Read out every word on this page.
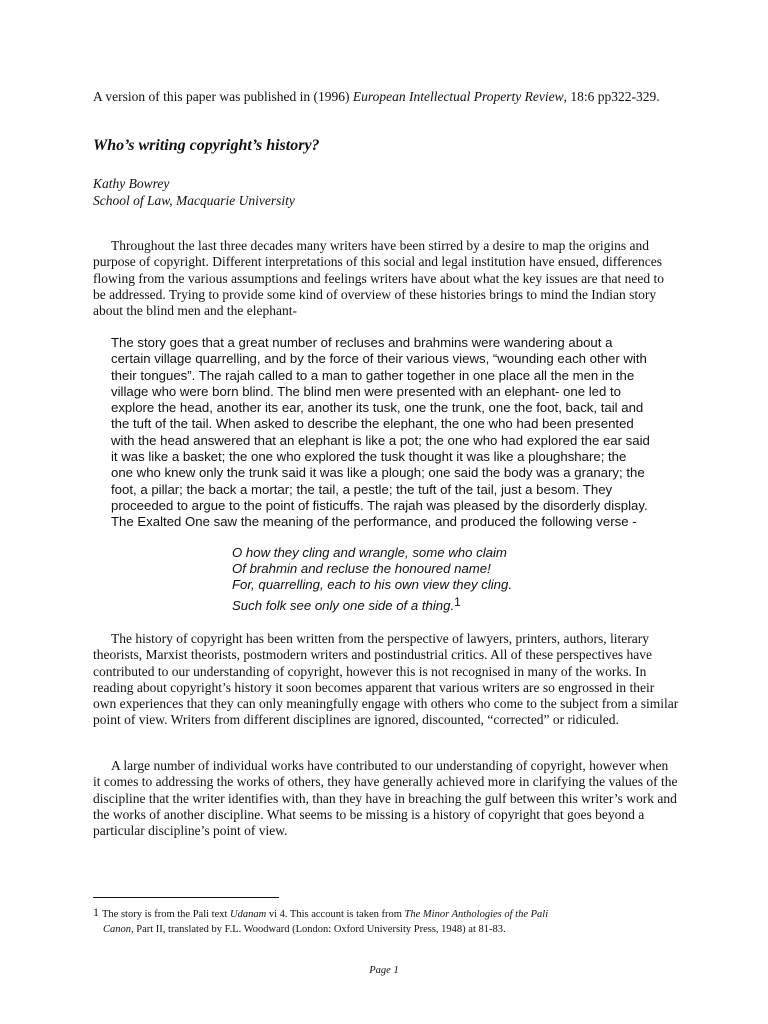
A version of this paper was published in (1996) European Intellectual Property Review, 18:6 pp322-329.
Who’s writing copyright’s history?
Kathy Bowrey
School of Law, Macquarie University
Throughout the last three decades many writers have been stirred by a desire to map the origins and purpose of copyright. Different interpretations of this social and legal institution have ensued, differences flowing from the various assumptions and feelings writers have about what the key issues are that need to be addressed. Trying to provide some kind of overview of these histories brings to mind the Indian story about the blind men and the elephant-
The story goes that a great number of recluses and brahmins were wandering about a certain village quarrelling, and by the force of their various views, “wounding each other with their tongues”. The rajah called to a man to gather together in one place all the men in the village who were born blind. The blind men were presented with an elephant- one led to explore the head, another its ear, another its tusk, one the trunk, one the foot, back, tail and the tuft of the tail. When asked to describe the elephant, the one who had been presented with the head answered that an elephant is like a pot; the one who had explored the ear said it was like a basket; the one who explored the tusk thought it was like a ploughshare; the one who knew only the trunk said it was like a plough; one said the body was a granary; the foot, a pillar; the back a mortar; the tail, a pestle; the tuft of the tail, just a besom. They proceeded to argue to the point of fisticuffs. The rajah was pleased by the disorderly display. The Exalted One saw the meaning of the performance, and produced the following verse -
O how they cling and wrangle, some who claim
Of brahmin and recluse the honoured name!
For, quarrelling, each to his own view they cling.
Such folk see only one side of a thing.$^1$
The history of copyright has been written from the perspective of lawyers, printers, authors, literary theorists, Marxist theorists, postmodern writers and postindustrial critics. All of these perspectives have contributed to our understanding of copyright, however this is not recognised in many of the works. In reading about copyright’s history it soon becomes apparent that various writers are so engrossed in their own experiences that they can only meaningfully engage with others who come to the subject from a similar point of view. Writers from different disciplines are ignored, discounted, “corrected” or ridiculed.
A large number of individual works have contributed to our understanding of copyright, however when it comes to addressing the works of others, they have generally achieved more in clarifying the values of the discipline that the writer identifies with, than they have in breaching the gulf between this writer’s work and the works of another discipline. What seems to be missing is a history of copyright that goes beyond a particular discipline’s point of view.
1 The story is from the Pali text Udanam vi 4. This account is taken from The Minor Anthologies of the Pali
Canon, Part II, translated by F.L. Woodward (London: Oxford University Press, 1948) at 81-83.
Page 1
